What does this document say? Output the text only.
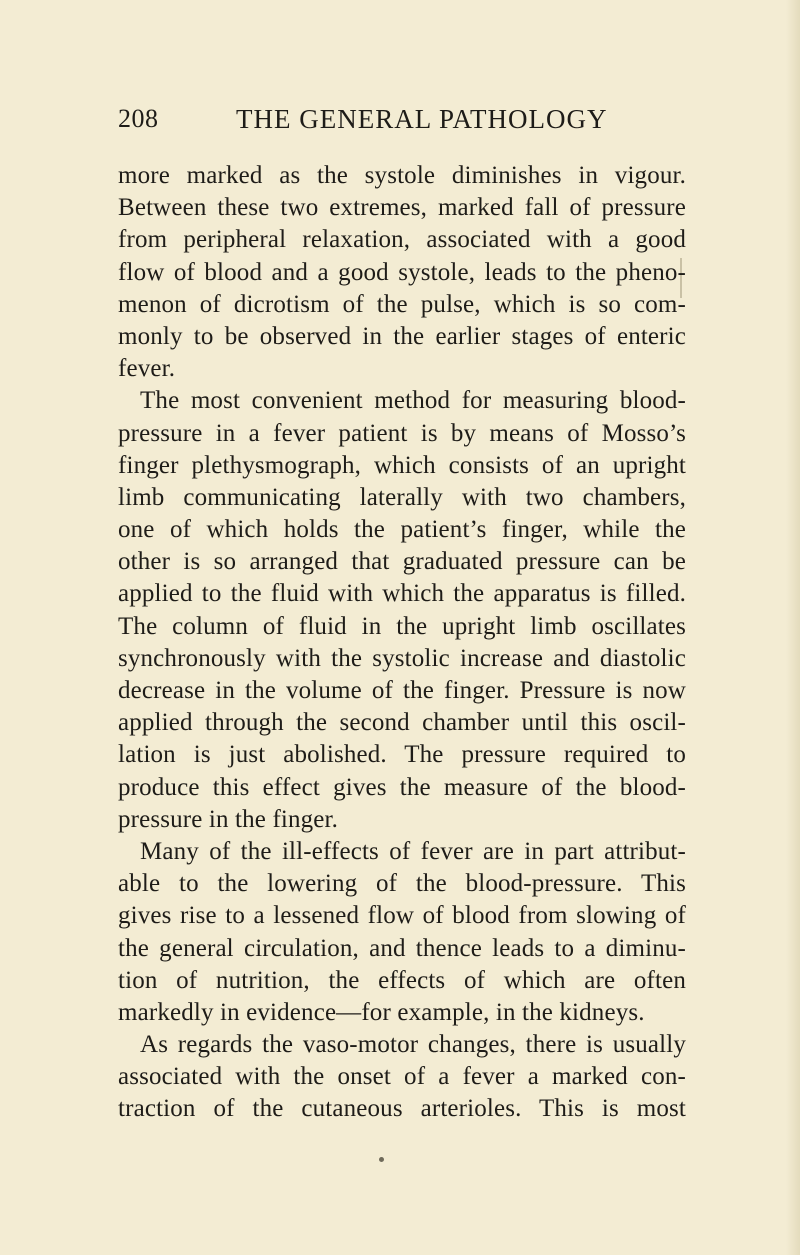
208	THE GENERAL PATHOLOGY
more marked as the systole diminishes in vigour.
Between these two extremes, marked fall of pressure
from peripheral relaxation, associated with a good
flow of blood and a good systole, leads to the pheno-
menon of dicrotism of the pulse, which is so com-
monly to be observed in the earlier stages of enteric
fever.
The most convenient method for measuring blood-
pressure in a fever patient is by means of Mosso’s
finger plethysmograph, which consists of an upright
limb communicating laterally with two chambers,
one of which holds the patient’s finger, while the
other is so arranged that graduated pressure can be
applied to the fluid with which the apparatus is filled.
The column of fluid in the upright limb oscillates
synchronously with the systolic increase and diastolic
decrease in the volume of the finger. Pressure is now
applied through the second chamber until this oscil-
lation is just abolished. The pressure required to
produce this effect gives the measure of the blood-
pressure in the finger.
Many of the ill-effects of fever are in part attribut-
able to the lowering of the blood-pressure. This
gives rise to a lessened flow of blood from slowing of
the general circulation, and thence leads to a diminu-
tion of nutrition, the effects of which are often
markedly in evidence—for example, in the kidneys.
As regards the vaso-motor changes, there is usually
associated with the onset of a fever a marked con-
traction of the cutaneous arterioles. This is most
